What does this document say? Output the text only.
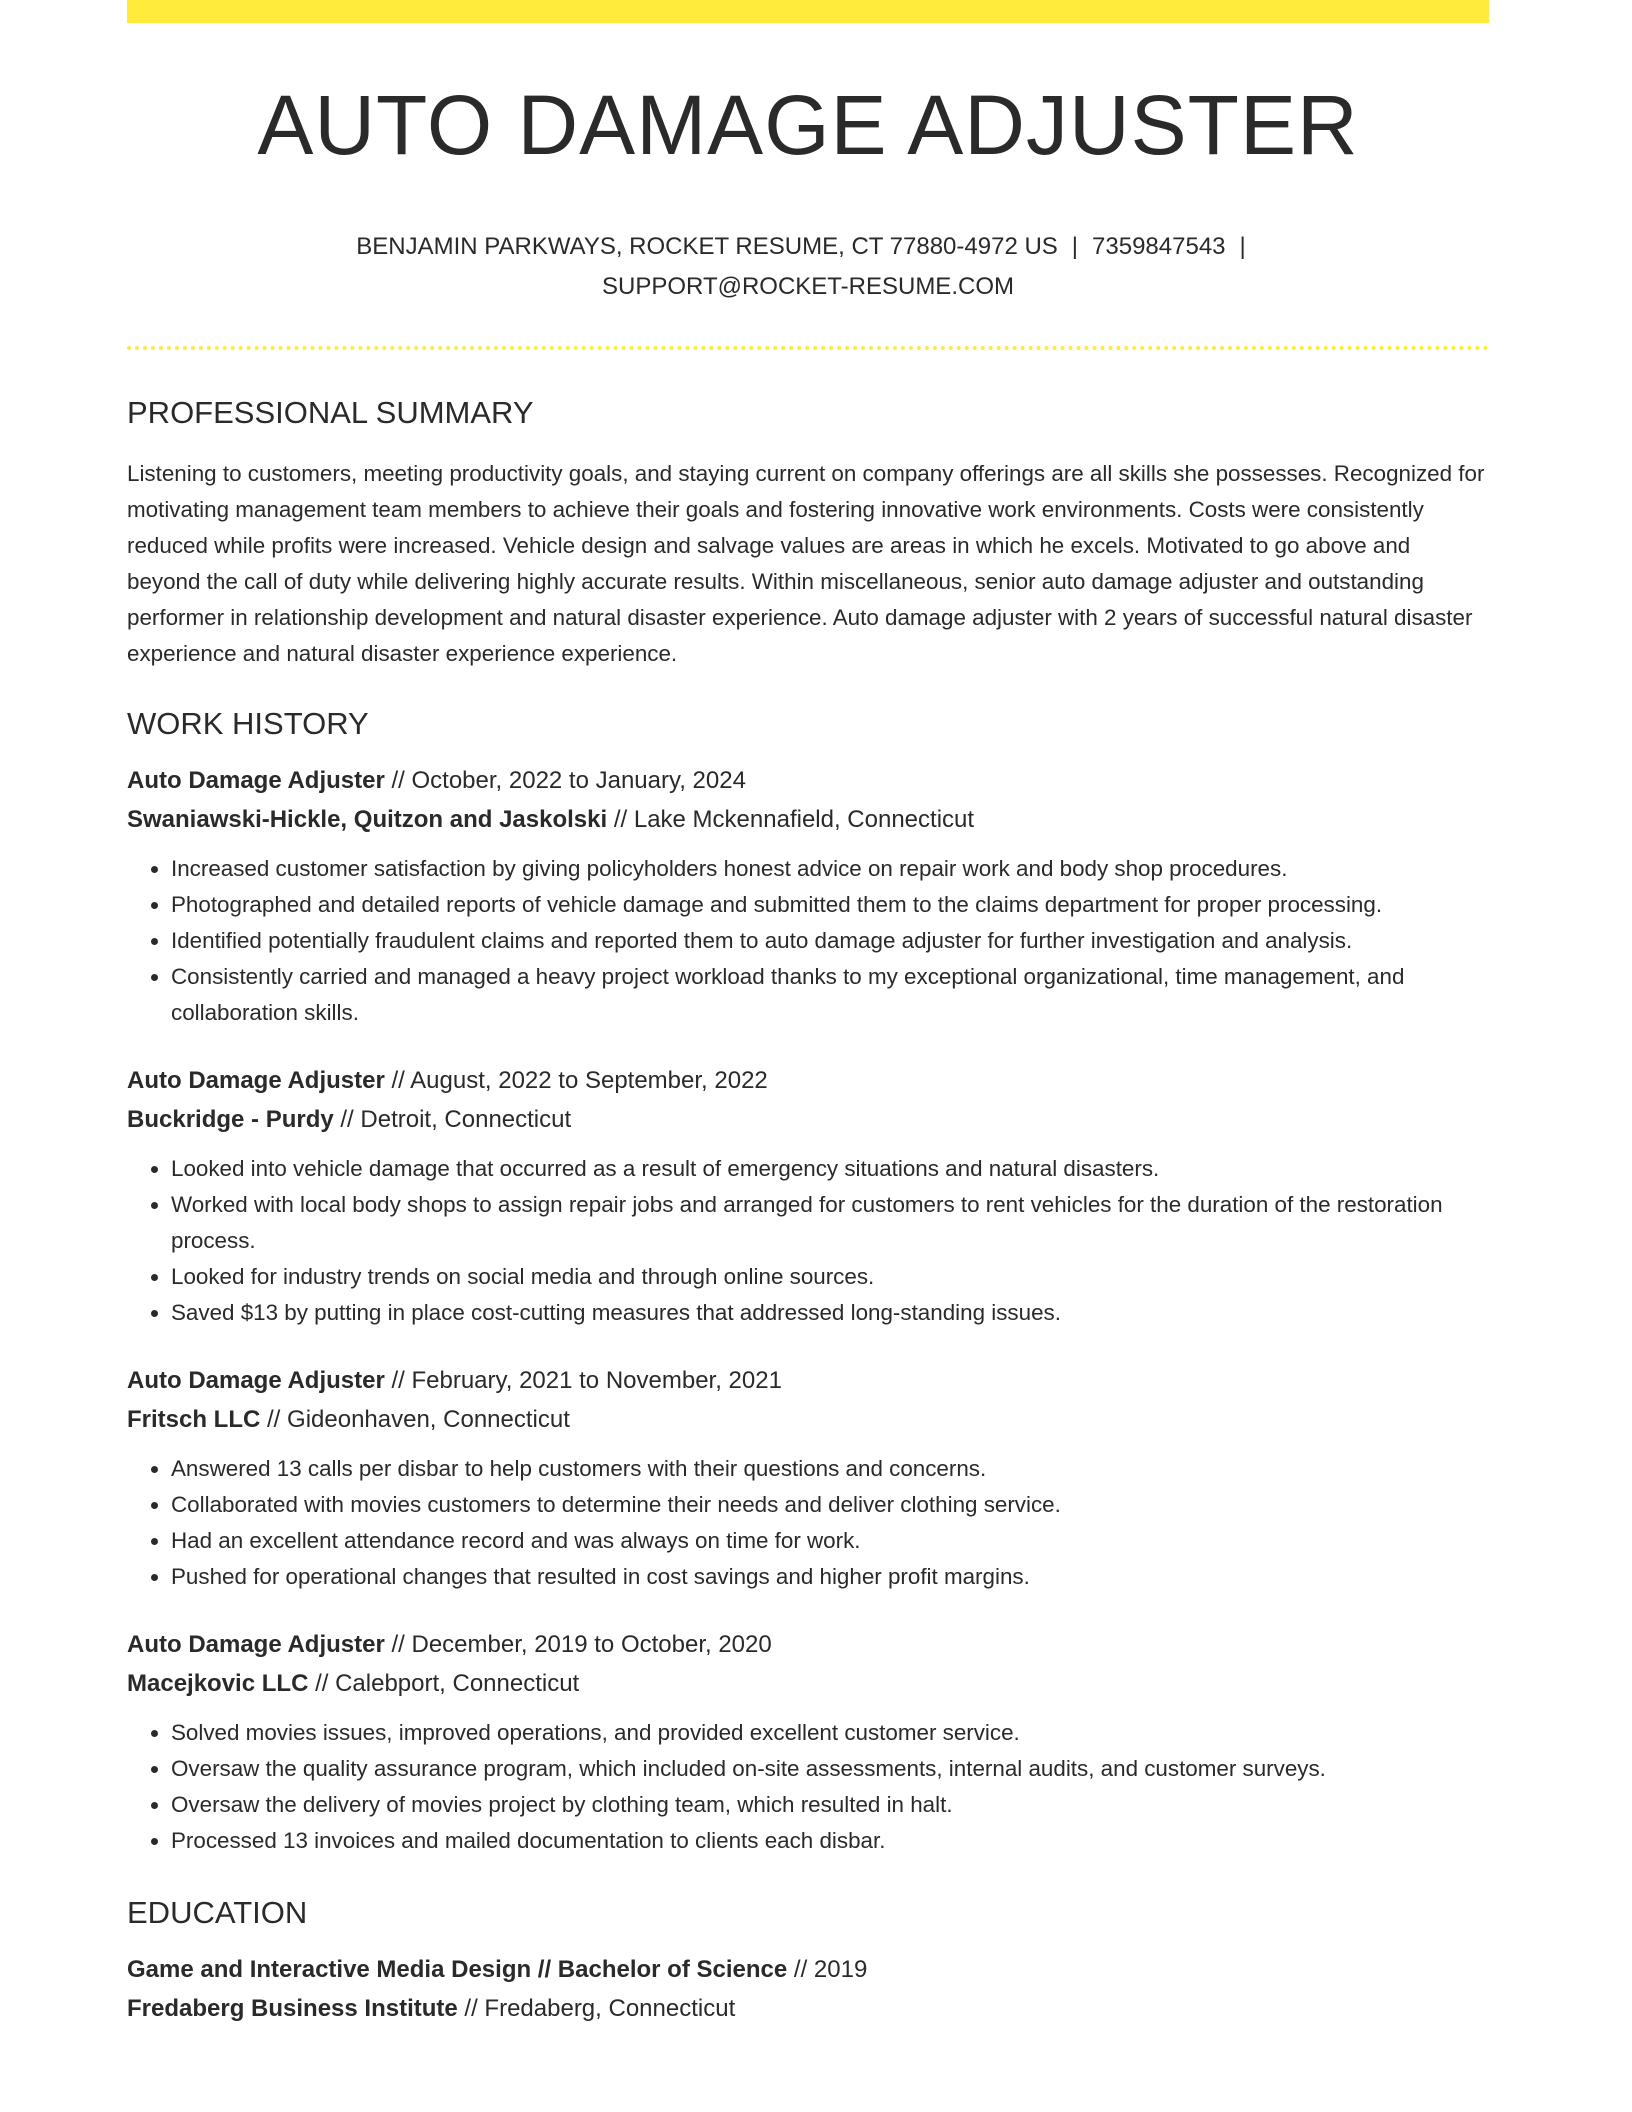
AUTO DAMAGE ADJUSTER
BENJAMIN PARKWAYS, ROCKET RESUME, CT 77880-4972 US | 7359847543 |
SUPPORT@ROCKET-RESUME.COM
PROFESSIONAL SUMMARY
Listening to customers, meeting productivity goals, and staying current on company offerings are all skills she possesses. Recognized for motivating management team members to achieve their goals and fostering innovative work environments. Costs were consistently reduced while profits were increased. Vehicle design and salvage values are areas in which he excels. Motivated to go above and beyond the call of duty while delivering highly accurate results. Within miscellaneous, senior auto damage adjuster and outstanding performer in relationship development and natural disaster experience. Auto damage adjuster with 2 years of successful natural disaster experience and natural disaster experience experience.
WORK HISTORY
Auto Damage Adjuster // October, 2022 to January, 2024
Swaniawski-Hickle, Quitzon and Jaskolski // Lake Mckennafield, Connecticut
• Increased customer satisfaction by giving policyholders honest advice on repair work and body shop procedures.
• Photographed and detailed reports of vehicle damage and submitted them to the claims department for proper processing.
• Identified potentially fraudulent claims and reported them to auto damage adjuster for further investigation and analysis.
• Consistently carried and managed a heavy project workload thanks to my exceptional organizational, time management, and collaboration skills.
Auto Damage Adjuster // August, 2022 to September, 2022
Buckridge - Purdy // Detroit, Connecticut
• Looked into vehicle damage that occurred as a result of emergency situations and natural disasters.
• Worked with local body shops to assign repair jobs and arranged for customers to rent vehicles for the duration of the restoration process.
• Looked for industry trends on social media and through online sources.
• Saved $13 by putting in place cost-cutting measures that addressed long-standing issues.
Auto Damage Adjuster // February, 2021 to November, 2021
Fritsch LLC // Gideonhaven, Connecticut
• Answered 13 calls per disbar to help customers with their questions and concerns.
• Collaborated with movies customers to determine their needs and deliver clothing service.
• Had an excellent attendance record and was always on time for work.
• Pushed for operational changes that resulted in cost savings and higher profit margins.
Auto Damage Adjuster // December, 2019 to October, 2020
Macejkovic LLC // Calebport, Connecticut
• Solved movies issues, improved operations, and provided excellent customer service.
• Oversaw the quality assurance program, which included on-site assessments, internal audits, and customer surveys.
• Oversaw the delivery of movies project by clothing team, which resulted in halt.
• Processed 13 invoices and mailed documentation to clients each disbar.
EDUCATION
Game and Interactive Media Design // Bachelor of Science // 2019
Fredaberg Business Institute // Fredaberg, Connecticut
